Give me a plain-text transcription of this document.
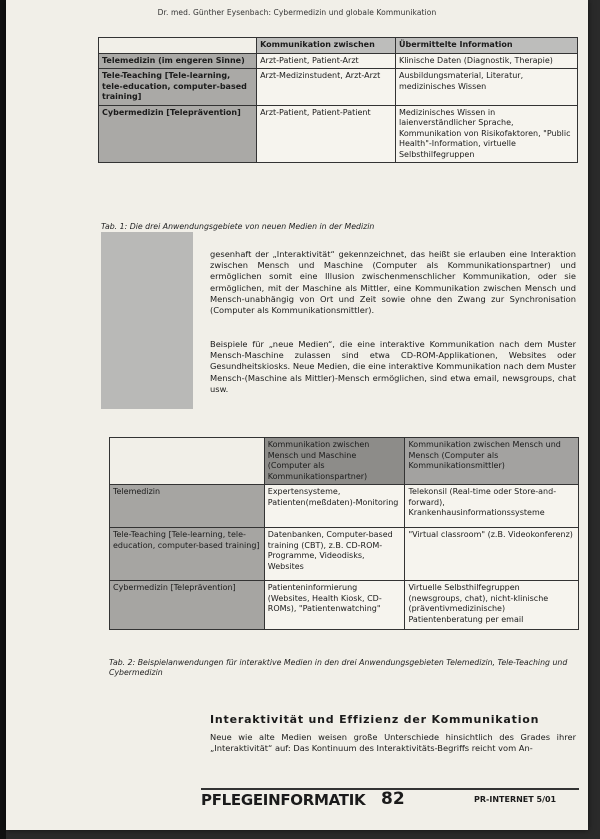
Dr. med. Günther Eysenbach: Cybermedizin und globale Kommunikation
	Kommunikation zwischen	Übermittelte Information
Telemedizin (im engeren Sinne)	Arzt-Patient, Patient-Arzt	Klinische Daten (Diagnostik, Therapie)
Tele-Teaching [Tele-learning, tele-education, computer-based training]	Arzt-Medizinstudent, Arzt-Arzt	Ausbildungsmaterial, Literatur, medizinisches Wissen
Cybermedizin [Teleprävention]	Arzt-Patient, Patient-Patient	Medizinisches Wissen in laienverständlicher Sprache, Kommunikation von Risikofaktoren, "Public Health"-Information, virtuelle Selbsthilfegruppen
Tab. 1: Die drei Anwendungsgebiete von neuen Medien in der Medizin

gesenhaft der „Interaktivität“ gekennzeichnet, das heißt sie erlauben eine Interaktion zwischen Mensch und Maschine (Computer als Kommunikationspartner) und ermöglichen somit eine Illusion zwischenmenschlicher Kommunikation, oder sie ermöglichen, mit der Maschine als Mittler, eine Kommunikation zwischen Mensch und Mensch-unabhängig von Ort und Zeit sowie ohne den Zwang zur Synchronisation (Computer als Kommunikationsmittler).

Beispiele für „neue Medien“, die eine interaktive Kommunikation nach dem Muster Mensch-Maschine zulassen sind etwa CD-ROM-Applikationen, Websites oder Gesundheitskiosks. Neue Medien, die eine interaktive Kommunikation nach dem Muster Mensch-(Maschine als Mittler)-Mensch ermöglichen, sind etwa email, newsgroups, chat usw.

	Kommunikation zwischen Mensch und Maschine (Computer als Kommunikationspartner)	Kommunikation zwischen Mensch und Mensch (Computer als Kommunikationsmittler)
Telemedizin	Expertensysteme, Patienten(meßdaten)-Monitoring	Telekonsil (Real-time oder Store-and-forward), Krankenhausinformationssysteme
Tele-Teaching [Tele-learning, tele-education, computer-based training]	Datenbanken, Computer-based training (CBT), z.B. CD-ROM-Programme, Videodisks, Websites	"Virtual classroom" (z.B. Videokonferenz)
Cybermedizin [Teleprävention]	Patienteninformierung (Websites, Health Kiosk, CD-ROMs), "Patientenwatching"	Virtuelle Selbsthilfegruppen (newsgroups, chat), nicht-klinische (präventivmedizinische) Patientenberatung per email
Tab. 2: Beispielanwendungen für interaktive Medien in den drei Anwendungsgebieten Telemedizin, Tele-Teaching und Cybermedizin
Interaktivität und Effizienz der Kommunikation

Neue wie alte Medien weisen große Unterschiede hinsichtlich des Grades ihrer „Interaktivität“ auf: Das Kontinuum des Interaktivitäts-Begriffs reicht vom An-

PFLEGEINFORMATIK 82	PR-INTERNET 5/01
